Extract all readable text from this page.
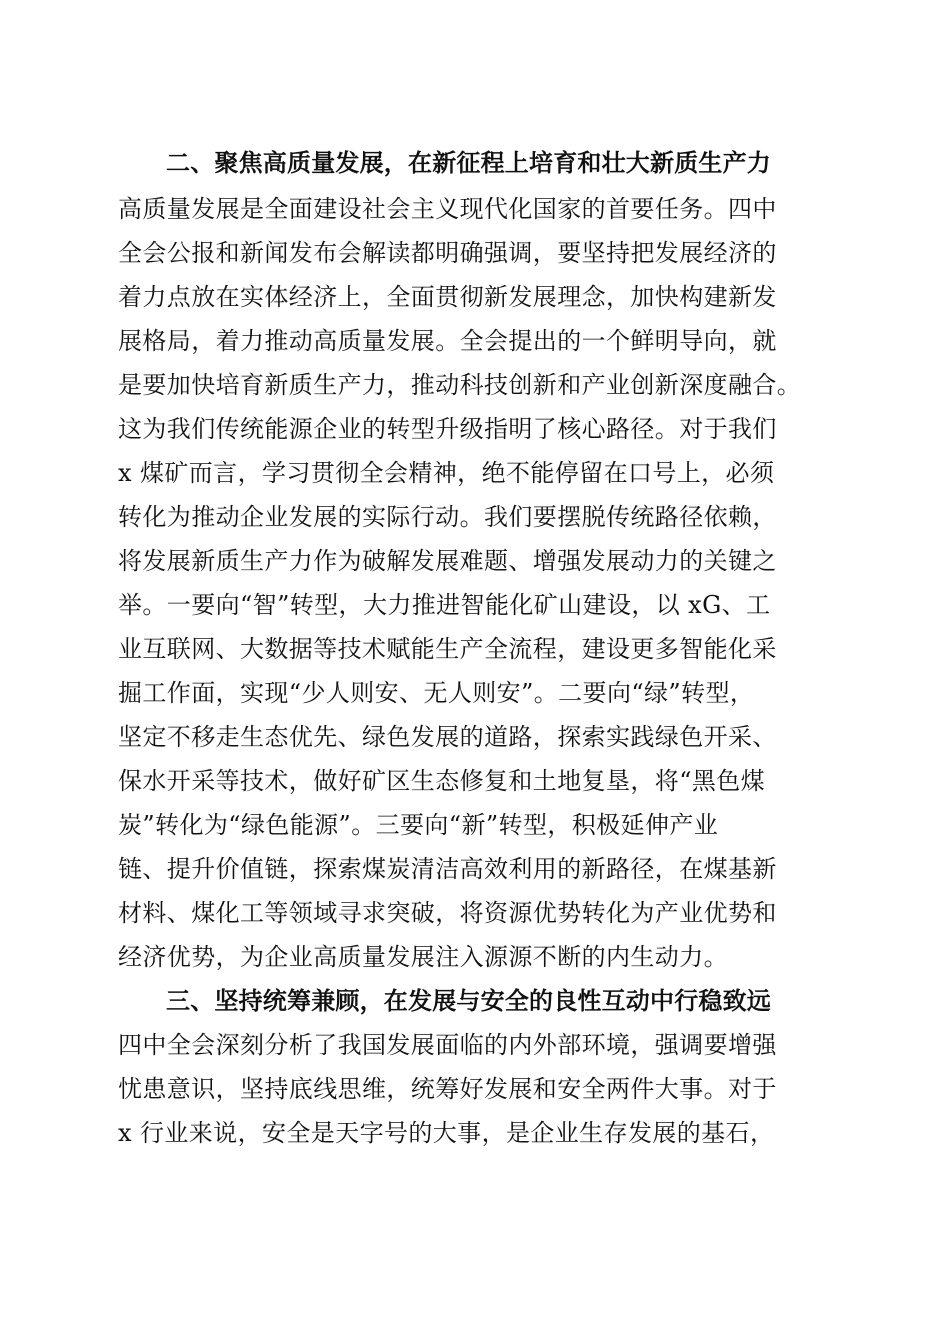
二、聚焦高质量发展，在新征程上培育和壮大新质生产力
高质量发展是全面建设社会主义现代化国家的首要任务。四中
全会公报和新闻发布会解读都明确强调，要坚持把发展经济的
着力点放在实体经济上，全面贯彻新发展理念，加快构建新发
展格局，着力推动高质量发展。全会提出的一个鲜明导向，就
是要加快培育新质生产力，推动科技创新和产业创新深度融合。
这为我们传统能源企业的转型升级指明了核心路径。对于我们
x 煤矿而言，学习贯彻全会精神，绝不能停留在口号上，必须
转化为推动企业发展的实际行动。我们要摆脱传统路径依赖，
将发展新质生产力作为破解发展难题、增强发展动力的关键之
举。一要向“智”转型，大力推进智能化矿山建设，以 xG、工
业互联网、大数据等技术赋能生产全流程，建设更多智能化采
掘工作面，实现“少人则安、无人则安”。二要向“绿”转型，
坚定不移走生态优先、绿色发展的道路，探索实践绿色开采、
保水开采等技术，做好矿区生态修复和土地复垦，将“黑色煤
炭”转化为“绿色能源”。三要向“新”转型，积极延伸产业
链、提升价值链，探索煤炭清洁高效利用的新路径，在煤基新
材料、煤化工等领域寻求突破，将资源优势转化为产业优势和
经济优势，为企业高质量发展注入源源不断的内生动力。
三、坚持统筹兼顾，在发展与安全的良性互动中行稳致远
四中全会深刻分析了我国发展面临的内外部环境，强调要增强
忧患意识，坚持底线思维，统筹好发展和安全两件大事。对于
x 行业来说，安全是天字号的大事，是企业生存发展的基石，
